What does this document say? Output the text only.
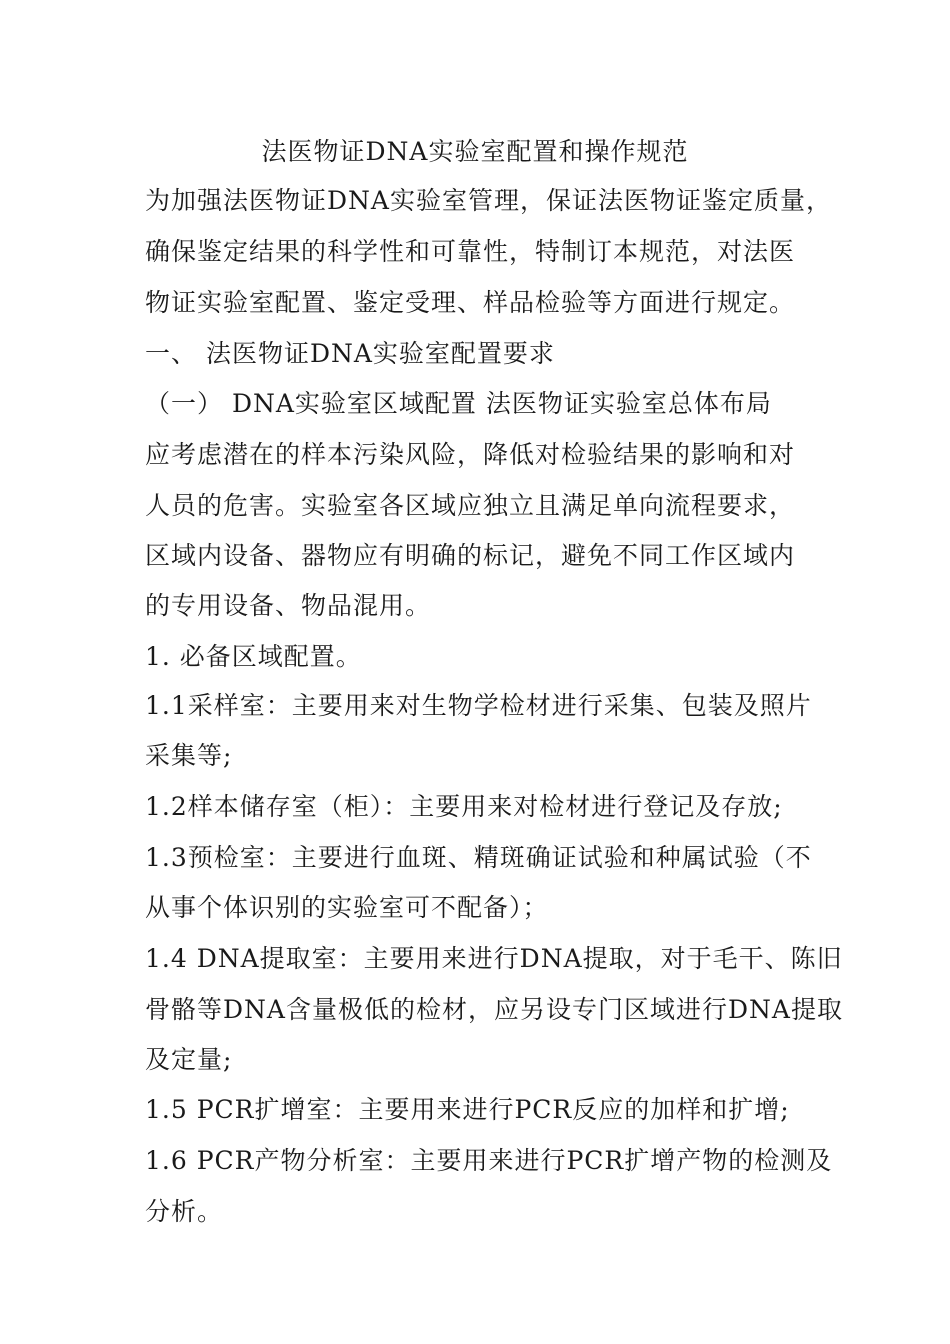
法医物证DNA实验室配置和操作规范
为加强法医物证DNA实验室管理，保证法医物证鉴定质量，
确保鉴定结果的科学性和可靠性，特制订本规范，对法医
物证实验室配置、鉴定受理、样品检验等方面进行规定。
一、 法医物证DNA实验室配置要求
（一） DNA实验室区域配置 法医物证实验室总体布局
应考虑潜在的样本污染风险，降低对检验结果的影响和对
人员的危害。实验室各区域应独立且满足单向流程要求，
区域内设备、器物应有明确的标记，避免不同工作区域内
的专用设备、物品混用。
1. 必备区域配置。
1.1采样室：主要用来对生物学检材进行采集、包装及照片
采集等;
1.2样本储存室（柜）：主要用来对检材进行登记及存放;
1.3预检室：主要进行血斑、精斑确证试验和种属试验（不
从事个体识别的实验室可不配备）；
1.4 DNA提取室：主要用来进行DNA提取，对于毛干、陈旧
骨骼等DNA含量极低的检材，应另设专门区域进行DNA提取
及定量;
1.5 PCR扩增室：主要用来进行PCR反应的加样和扩增;
1.6 PCR产物分析室：主要用来进行PCR扩增产物的检测及
分析。
